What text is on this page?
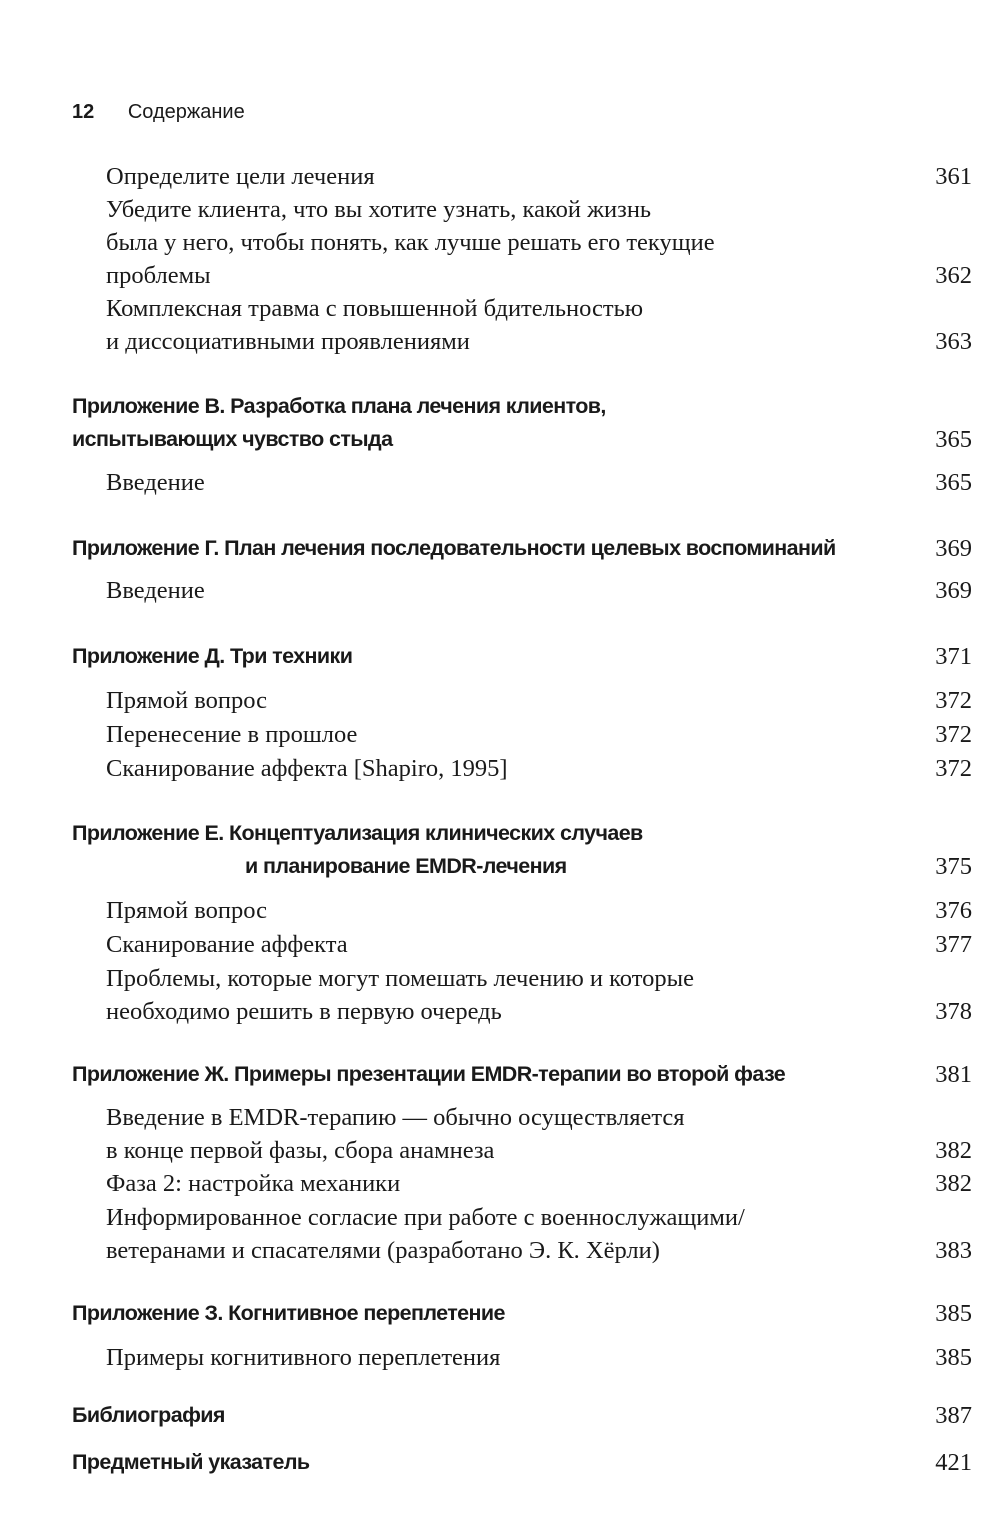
12 Содержание
Определите цели лечения	361
Убедите клиента, что вы хотите узнать, какой жизнь
была у него, чтобы понять, как лучше решать его текущие
проблемы	362
Комплексная травма с повышенной бдительностью
и диссоциативными проявлениями	363
Приложение В. Разработка плана лечения клиентов,
испытывающих чувство стыда	365
Введение	365
Приложение Г. План лечения последовательности целевых воспоминаний	369
Введение	369
Приложение Д. Три техники	371
Прямой вопрос	372
Перенесение в прошлое	372
Сканирование аффекта [Shapiro, 1995]	372
Приложение Е. Концептуализация клинических случаев
и планирование EMDR-лечения	375
Прямой вопрос	376
Сканирование аффекта	377
Проблемы, которые могут помешать лечению и которые
необходимо решить в первую очередь	378
Приложение Ж. Примеры презентации EMDR-терапии во второй фазе	381
Введение в EMDR-терапию — обычно осуществляется
в конце первой фазы, сбора анамнеза	382
Фаза 2: настройка механики	382
Информированное согласие при работе с военнослужащими/
ветеранами и спасателями (разработано Э. К. Хёрли)	383
Приложение З. Когнитивное переплетение	385
Примеры когнитивного переплетения	385
Библиография	387
Предметный указатель	421
